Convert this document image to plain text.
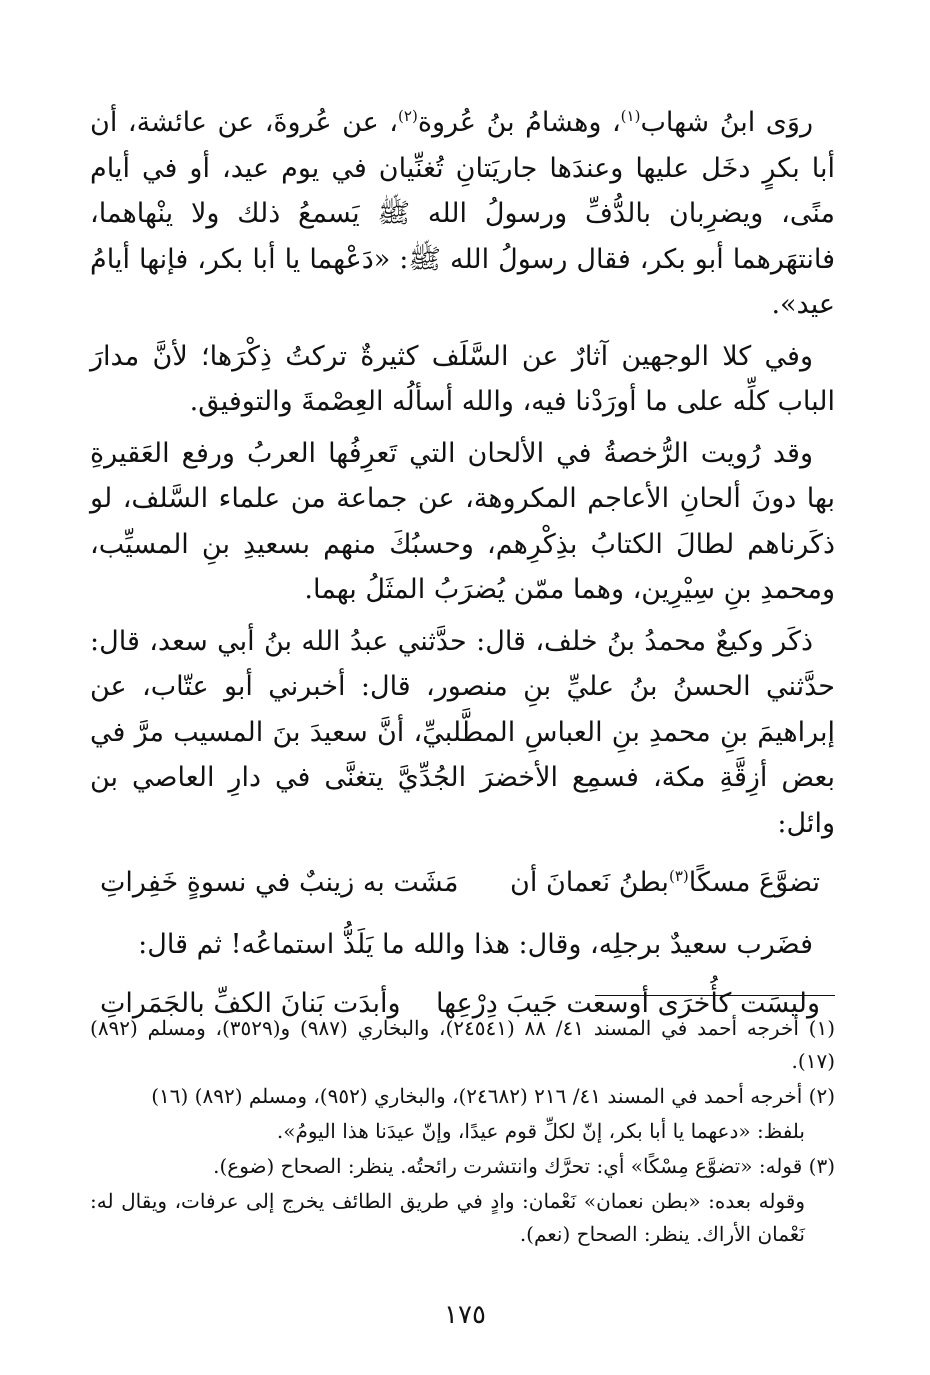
روَى ابنُ شهاب$^{(١)}$، وهشامُ بنُ عُروة$^{(٢)}$، عن عُروةَ، عن عائشة، أن أبا بكرٍ دخَل عليها وعندَها جاريَتانِ تُغنِّيان في يوم عيد، أو في أيام منًى، ويضرِبان بالدُّفِّ ورسولُ الله ﷺ يَسمعُ ذلك ولا ينْهاهما، فانتهَرهما أبو بكر، فقال رسولُ الله ﷺ: «دَعْهما يا أبا بكر، فإنها أيامُ عيد».

وفي كلا الوجهين آثارٌ عن السَّلَف كثيرةٌ تركتُ ذِكْرَها؛ لأنَّ مدارَ الباب كلِّه على ما أورَدْنا فيه، والله أسألُه العِصْمةَ والتوفيق.

وقد رُويت الرُّخصةُ في الألحان التي تَعرِفُها العربُ ورفع العَقيرةِ بها دونَ ألحانِ الأعاجم المكروهة، عن جماعة من علماء السَّلف، لو ذكَرناهم لطالَ الكتابُ بذِكْرِهم، وحسبُكَ منهم بسعيدِ بنِ المسيِّب، ومحمدِ بنِ سِيْرِين، وهما ممّن يُضرَبُ المثَلُ بهما.

ذكَر وكيعٌ محمدُ بنُ خلف، قال: حدَّثني عبدُ الله بنُ أبي سعد، قال: حدَّثني الحسنُ بنُ عليِّ بنِ منصور، قال: أخبرني أبو عتّاب، عن إبراهيمَ بنِ محمدِ بنِ العباسِ المطَّلبيِّ، أنَّ سعيدَ بنَ المسيب مرَّ في بعض أزِقَّةِ مكة، فسمِع الأخضرَ الجُدِّيَّ يتغنَّى في دارِ العاصي بن وائل:

تضوَّعَ مسكًا$^{(٣)}$بطنُ نَعمانَ أن
مَشَت به زينبٌ في نسوةٍ خَفِراتِ

فضَرب سعيدٌ برجلِه، وقال: هذا والله ما يَلَذُّ استماعُه! ثم قال:

وليسَت كأُخرَى أوسعت جَيبَ دِرْعِها
وأبدَت بَنانَ الكفِّ بالجَمَراتِ

(١) أخرجه أحمد في المسند ٤١/ ٨٨ (٢٤٥٤١)، والبخاري (٩٨٧) و(٣٥٢٩)، ومسلم (٨٩٢) (١٧).

(٢) أخرجه أحمد في المسند ٤١/ ٢١٦ (٢٤٦٨٢)، والبخاري (٩٥٢)، ومسلم (٨٩٢) (١٦)

بلفظ: «دعهما يا أبا بكر، إنّ لكلِّ قوم عيدًا، وإنّ عيدَنا هذا اليومُ».

(٣) قوله: «تضوَّع مِسْكًا» أي: تحرَّك وانتشرت رائحتُه. ينظر: الصحاح (ضوع).

وقوله بعده: «بطن نعمان» نَعْمان: وادٍ في طريق الطائف يخرج إلى عرفات، ويقال له: نَعْمان الأراك. ينظر: الصحاح (نعم).

١٧٥
